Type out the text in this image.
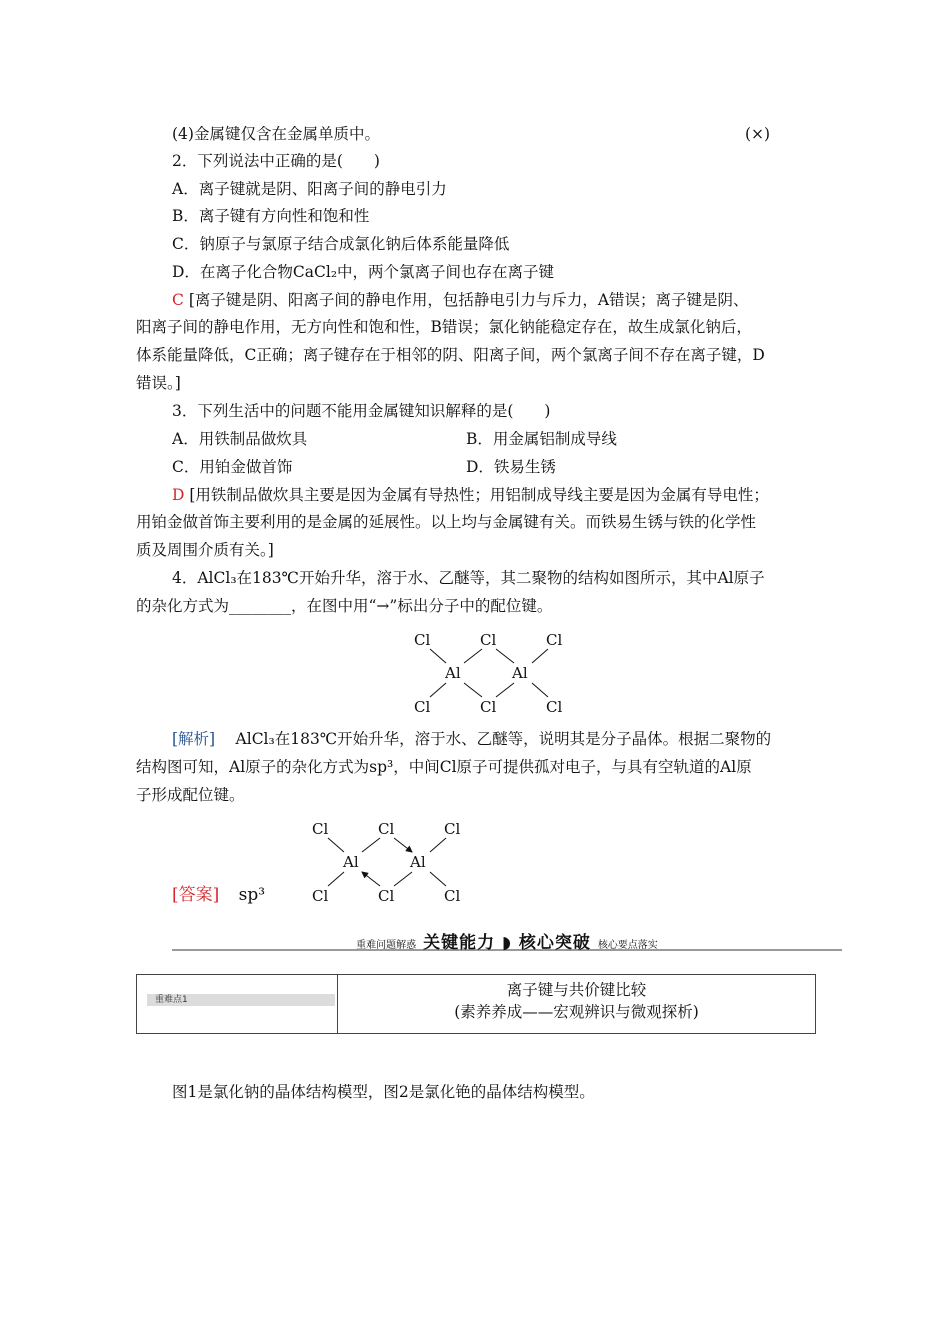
(4)金属键仅含在金属单质中。	(×)
2．下列说法中正确的是(　　)
A．离子键就是阴、阳离子间的静电引力
B．离子键有方向性和饱和性
C．钠原子与氯原子结合成氯化钠后体系能量降低
D．在离子化合物CaCl₂中，两个氯离子间也存在离子键
C [离子键是阴、阳离子间的静电作用，包括静电引力与斥力，A错误；离子键是阴、
阳离子间的静电作用，无方向性和饱和性，B错误；氯化钠能稳定存在，故生成氯化钠后，
体系能量降低，C正确；离子键存在于相邻的阴、阳离子间，两个氯离子间不存在离子键，D
错误。]
3．下列生活中的问题不能用金属键知识解释的是(　　)
A．用铁制品做炊具	B．用金属铝制成导线
C．用铂金做首饰	D．铁易生锈
D [用铁制品做炊具主要是因为金属有导热性；用铝制成导线主要是因为金属有导电性；
用铂金做首饰主要利用的是金属的延展性。以上均与金属键有关。而铁易生锈与铁的化学性
质及周围介质有关。]
4．AlCl₃在183℃开始升华，溶于水、乙醚等，其二聚物的结构如图所示，其中Al原子
的杂化方式为________，在图中用“→”标出分子中的配位键。
Cl	Cl	Cl
Al	Al
Cl	Cl	Cl
[解析] 　AlCl₃在183℃开始升华，溶于水、乙醚等，说明其是分子晶体。根据二聚物的
结构图可知，Al原子的杂化方式为sp³，中间Cl原子可提供孤对电子，与具有空轨道的Al原
子形成配位键。
Cl	Cl	Cl
Al	Al
Cl	Cl	Cl
[答案] sp³
重难问题解惑 关键能力 ◗ 核心突破 核心要点落实
重难点1
离子键与共价键比较
(素养养成——宏观辨识与微观探析)
图1是氯化钠的晶体结构模型，图2是氯化铯的晶体结构模型。
